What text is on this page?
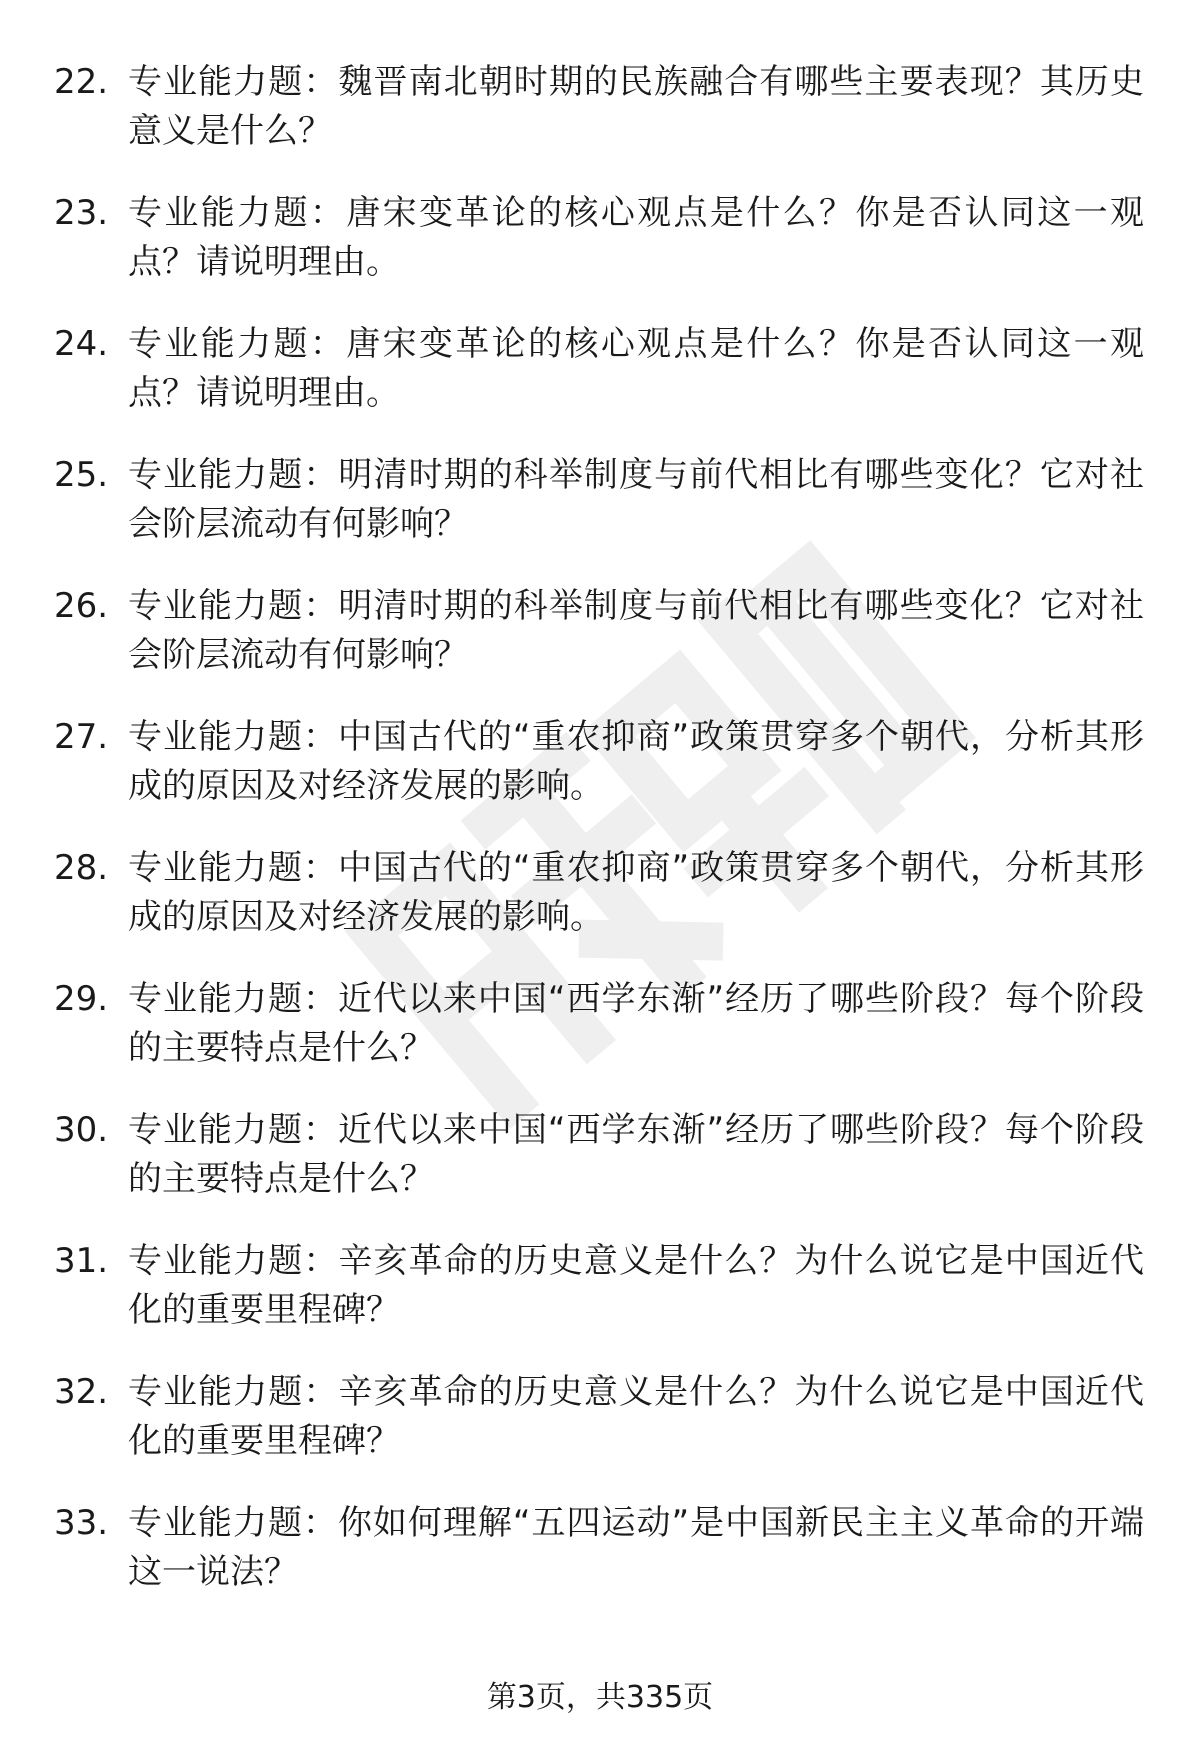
22. 专业能力题：魏晋南北朝时期的民族融合有哪些主要表现？其历史意义是什么？
23. 专业能力题：唐宋变革论的核心观点是什么？你是否认同这一观点？请说明理由。
24. 专业能力题：唐宋变革论的核心观点是什么？你是否认同这一观点？请说明理由。
25. 专业能力题：明清时期的科举制度与前代相比有哪些变化？它对社会阶层流动有何影响？
26. 专业能力题：明清时期的科举制度与前代相比有哪些变化？它对社会阶层流动有何影响？
27. 专业能力题：中国古代的“重农抑商”政策贯穿多个朝代，分析其形成的原因及对经济发展的影响。
28. 专业能力题：中国古代的“重农抑商”政策贯穿多个朝代，分析其形成的原因及对经济发展的影响。
29. 专业能力题：近代以来中国“西学东渐”经历了哪些阶段？每个阶段的主要特点是什么？
30. 专业能力题：近代以来中国“西学东渐”经历了哪些阶段？每个阶段的主要特点是什么？
31. 专业能力题：辛亥革命的历史意义是什么？为什么说它是中国近代化的重要里程碑？
32. 专业能力题：辛亥革命的历史意义是什么？为什么说它是中国近代化的重要里程碑？
33. 专业能力题：你如何理解“五四运动”是中国新民主主义革命的开端这一说法？
第3页，共335页
